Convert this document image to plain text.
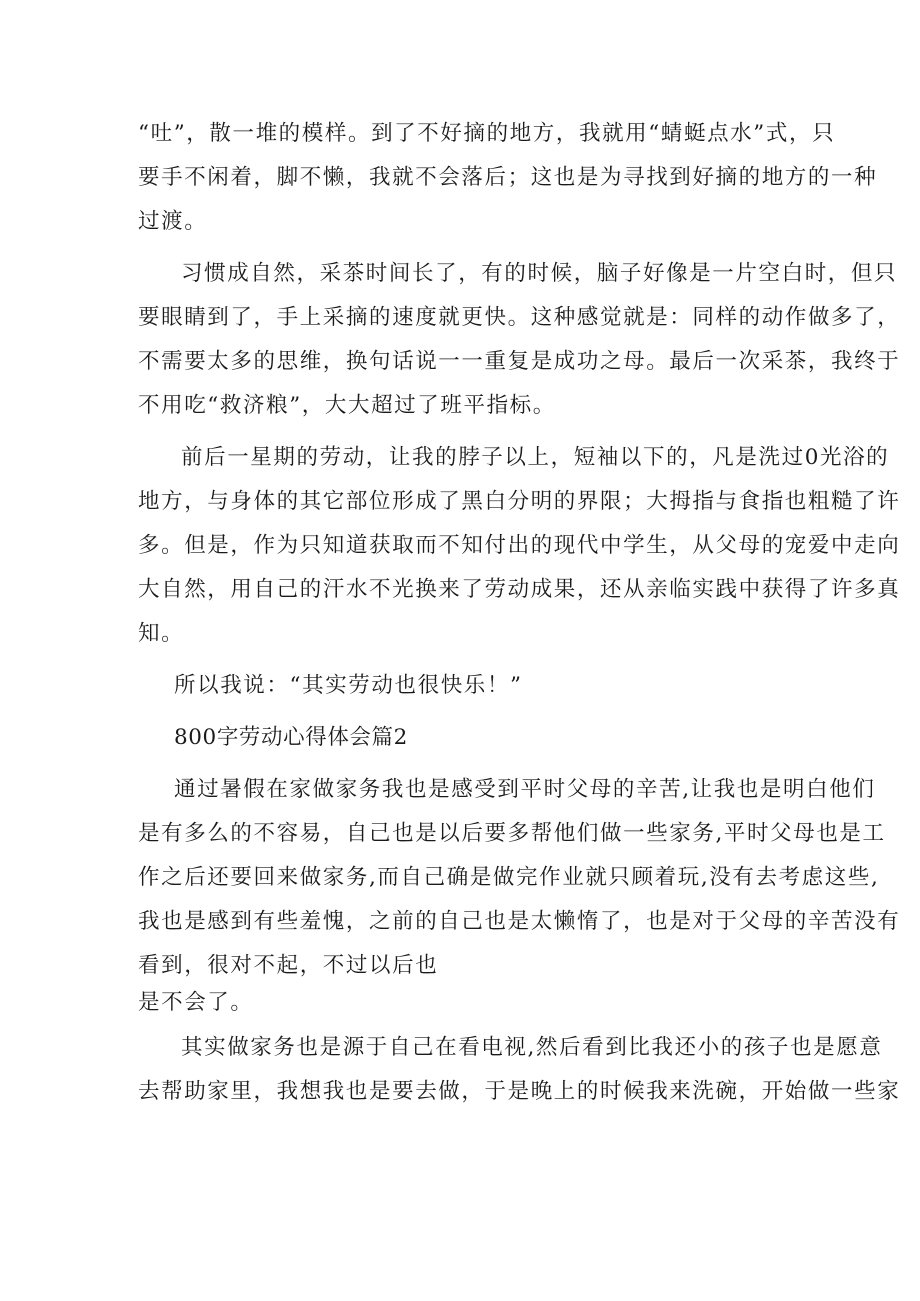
“吐”，散一堆的模样。到了不好摘的地方，我就用“蜻蜓点水”式，只
要手不闲着，脚不懒，我就不会落后；这也是为寻找到好摘的地方的一种
过渡。

习惯成自然，采茶时间长了，有的时候，脑子好像是一片空白时，但只
要眼睛到了，手上采摘的速度就更快。这种感觉就是：同样的动作做多了，
不需要太多的思维，换句话说一一重复是成功之母。最后一次采茶，我终于
不用吃“救济粮”，大大超过了班平指标。

前后一星期的劳动，让我的脖子以上，短袖以下的，凡是洗过0光浴的
地方，与身体的其它部位形成了黑白分明的界限；大拇指与食指也粗糙了许
多。但是，作为只知道获取而不知付出的现代中学生，从父母的宠爱中走向
大自然，用自己的汗水不光换来了劳动成果，还从亲临实践中获得了许多真
知。

所以我说：“其实劳动也很快乐！”

800字劳动心得体会篇2

通过暑假在家做家务我也是感受到平时父母的辛苦,让我也是明白他们
是有多么的不容易，自己也是以后要多帮他们做一些家务,平时父母也是工
作之后还要回来做家务,而自己确是做完作业就只顾着玩,没有去考虑这些,
我也是感到有些羞愧，之前的自己也是太懒惰了，也是对于父母的辛苦没有
看到，很对不起，不过以后也
是不会了。

其实做家务也是源于自己在看电视,然后看到比我还小的孩子也是愿意
去帮助家里，我想我也是要去做，于是晚上的时候我来洗碗，开始做一些家
